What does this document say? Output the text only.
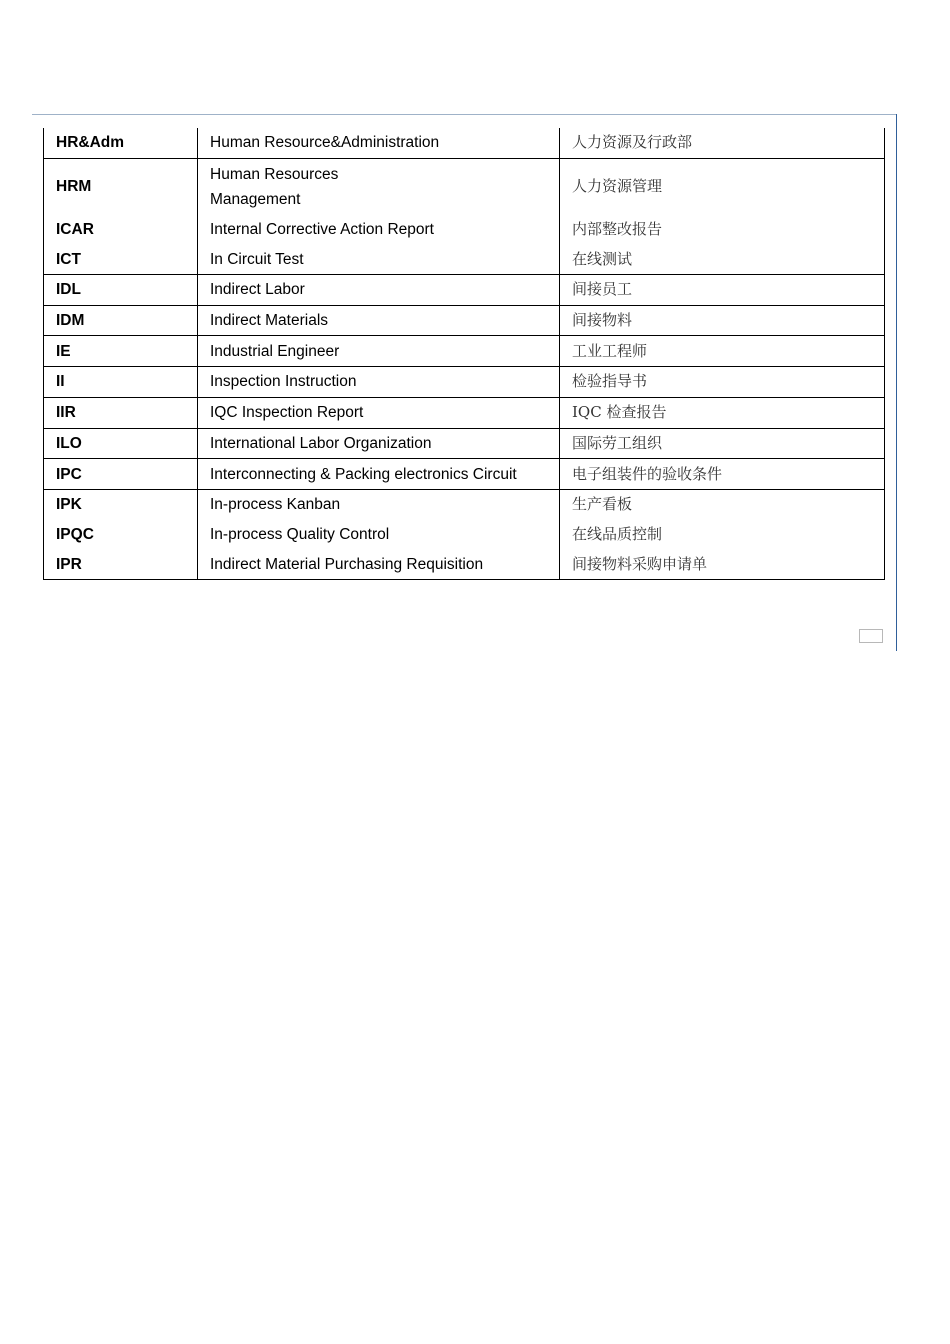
HR&Adm	Human Resource&Administration	人力资源及行政部
HRM	Human Resources Management	人力资源管理
ICAR	Internal Corrective Action Report	内部整改报告
ICT	In Circuit Test	在线测试
IDL	Indirect Labor	间接员工
IDM	Indirect Materials	间接物料
IE	Industrial Engineer	工业工程师
II	Inspection Instruction	检验指导书
IIR	IQC Inspection Report	IQC 检查报告
ILO	International Labor Organization	国际劳工组织
IPC	Interconnecting & Packing electronics Circuit	电子组装件的验收条件
IPK	In-process Kanban	生产看板
IPQC	In-process Quality Control	在线品质控制
IPR	Indirect Material Purchasing Requisition	间接物料采购申请单
